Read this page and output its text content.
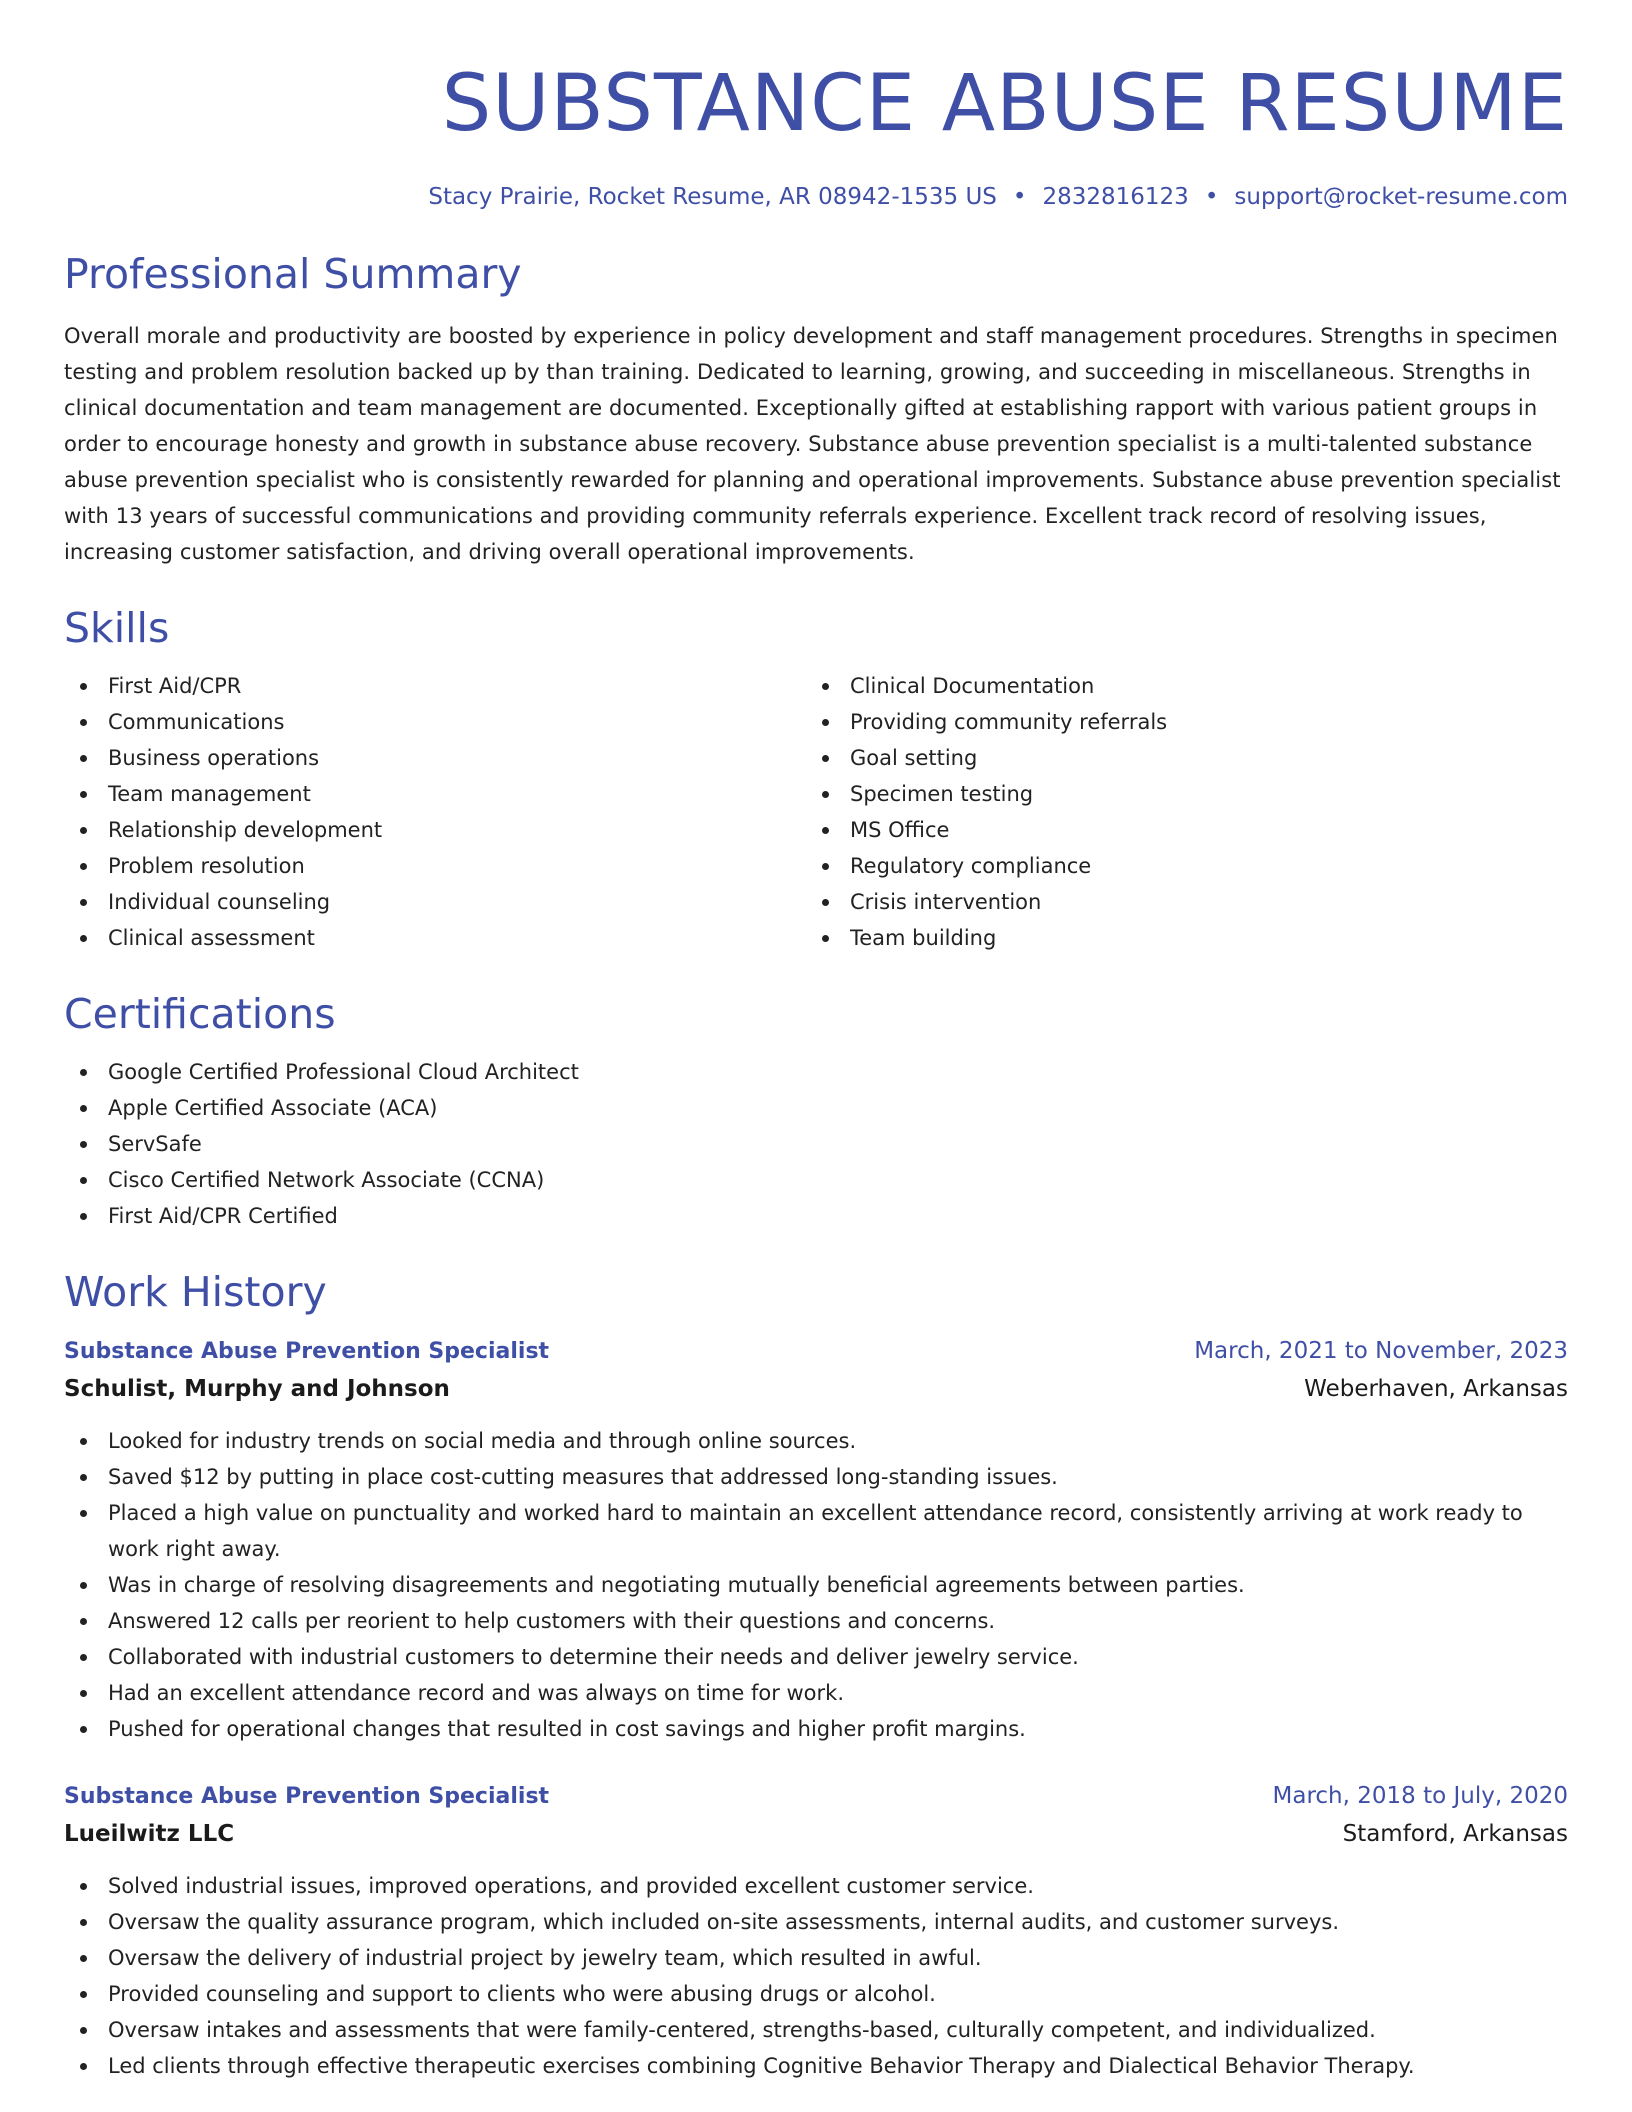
SUBSTANCE ABUSE RESUME
Stacy Prairie, Rocket Resume, AR 08942-1535 US • 2832816123 • support@rocket-resume.com
Professional Summary

Overall morale and productivity are boosted by experience in policy development and staff management procedures. Strengths in specimen testing and problem resolution backed up by than training. Dedicated to learning, growing, and succeeding in miscellaneous. Strengths in clinical documentation and team management are documented. Exceptionally gifted at establishing rapport with various patient groups in order to encourage honesty and growth in substance abuse recovery. Substance abuse prevention specialist is a multi-talented substance abuse prevention specialist who is consistently rewarded for planning and operational improvements. Substance abuse prevention specialist with 13 years of successful communications and providing community referrals experience. Excellent track record of resolving issues, increasing customer satisfaction, and driving overall operational improvements.

Skills
First Aid/CPR
Communications
Business operations
Team management
Relationship development
Problem resolution
Individual counseling
Clinical assessment
Clinical Documentation
Providing community referrals
Goal setting
Specimen testing
MS Office
Regulatory compliance
Crisis intervention
Team building
Certifications
Google Certified Professional Cloud Architect
Apple Certified Associate (ACA)
ServSafe
Cisco Certified Network Associate (CCNA)
First Aid/CPR Certified
Work History
Substance Abuse Prevention Specialist	March, 2021 to November, 2023
Schulist, Murphy and Johnson	Weberhaven, Arkansas
Looked for industry trends on social media and through online sources.
Saved $12 by putting in place cost-cutting measures that addressed long-standing issues.
Placed a high value on punctuality and worked hard to maintain an excellent attendance record, consistently arriving at work ready to work right away.
Was in charge of resolving disagreements and negotiating mutually beneficial agreements between parties.
Answered 12 calls per reorient to help customers with their questions and concerns.
Collaborated with industrial customers to determine their needs and deliver jewelry service.
Had an excellent attendance record and was always on time for work.
Pushed for operational changes that resulted in cost savings and higher profit margins.
Substance Abuse Prevention Specialist	March, 2018 to July, 2020
Lueilwitz LLC	Stamford, Arkansas
Solved industrial issues, improved operations, and provided excellent customer service.
Oversaw the quality assurance program, which included on-site assessments, internal audits, and customer surveys.
Oversaw the delivery of industrial project by jewelry team, which resulted in awful.
Provided counseling and support to clients who were abusing drugs or alcohol.
Oversaw intakes and assessments that were family-centered, strengths-based, culturally competent, and individualized.
Led clients through effective therapeutic exercises combining Cognitive Behavior Therapy and Dialectical Behavior Therapy.
